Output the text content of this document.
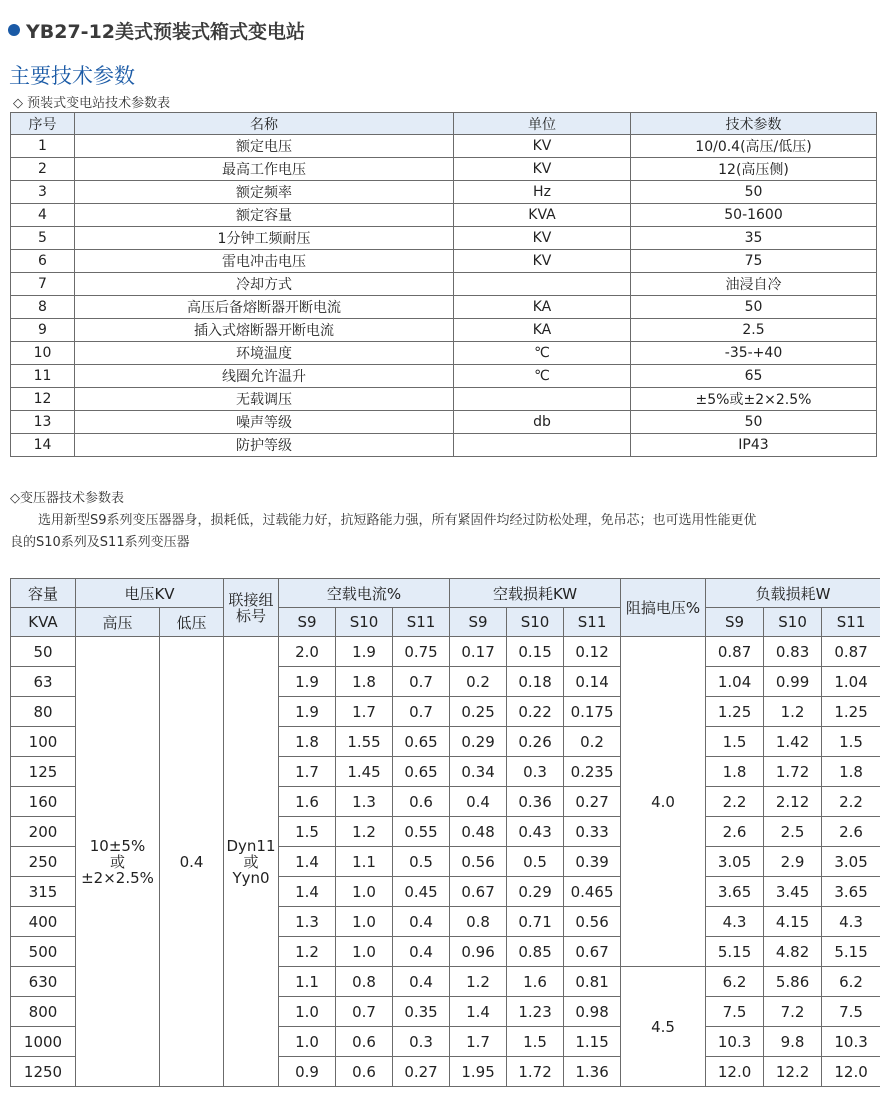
YB27-12美式预装式箱式变电站
主要技术参数
◇ 预装式变电站技术参数表
序号	名称	单位	技术参数
1	额定电压	KV	10/0.4(高压/低压)
2	最高工作电压	KV	12(高压侧)
3	额定频率	Hz	50
4	额定容量	KVA	50-1600
5	1分钟工频耐压	KV	35
6	雷电冲击电压	KV	75
7	冷却方式		油浸自冷
8	高压后备熔断器开断电流	KA	50
9	插入式熔断器开断电流	KA	2.5
10	环境温度	℃	-35-+40
11	线圈允许温升	℃	65
12	无载调压		±5%或±2×2.5%
13	噪声等级	db	50
14	防护等级		IP43
◇变压器技术参数表
选用新型S9系列变压器器身，损耗低，过载能力好，抗短路能力强，所有紧固件均经过防松处理，免吊芯；也可选用性能更优
良的S10系列及S11系列变压器
容量	电压KV		联接组标号	空载电流%			空载损耗KW			阻搞电压%	负载损耗W		
KVA	高压	低压		S9	S10	S11	S9	S10	S11		S9	S10	S11
50	10±5%
或
±2×2.5%	0.4	Dyn11
或
Yyn0	2.0	1.9	0.75	0.17	0.15	0.12	4.0	0.87	0.83	0.87
63				1.9	1.8	0.7	0.2	0.18	0.14		1.04	0.99	1.04
80				1.9	1.7	0.7	0.25	0.22	0.175		1.25	1.2	1.25
100				1.8	1.55	0.65	0.29	0.26	0.2		1.5	1.42	1.5
125				1.7	1.45	0.65	0.34	0.3	0.235		1.8	1.72	1.8
160				1.6	1.3	0.6	0.4	0.36	0.27		2.2	2.12	2.2
200				1.5	1.2	0.55	0.48	0.43	0.33		2.6	2.5	2.6
250				1.4	1.1	0.5	0.56	0.5	0.39		3.05	2.9	3.05
315				1.4	1.0	0.45	0.67	0.29	0.465		3.65	3.45	3.65
400				1.3	1.0	0.4	0.8	0.71	0.56		4.3	4.15	4.3
500				1.2	1.0	0.4	0.96	0.85	0.67		5.15	4.82	5.15
630				1.1	0.8	0.4	1.2	1.6	0.81	4.5	6.2	5.86	6.2
800				1.0	0.7	0.35	1.4	1.23	0.98		7.5	7.2	7.5
1000				1.0	0.6	0.3	1.7	1.5	1.15		10.3	9.8	10.3
1250				0.9	0.6	0.27	1.95	1.72	1.36		12.0	12.2	12.0
